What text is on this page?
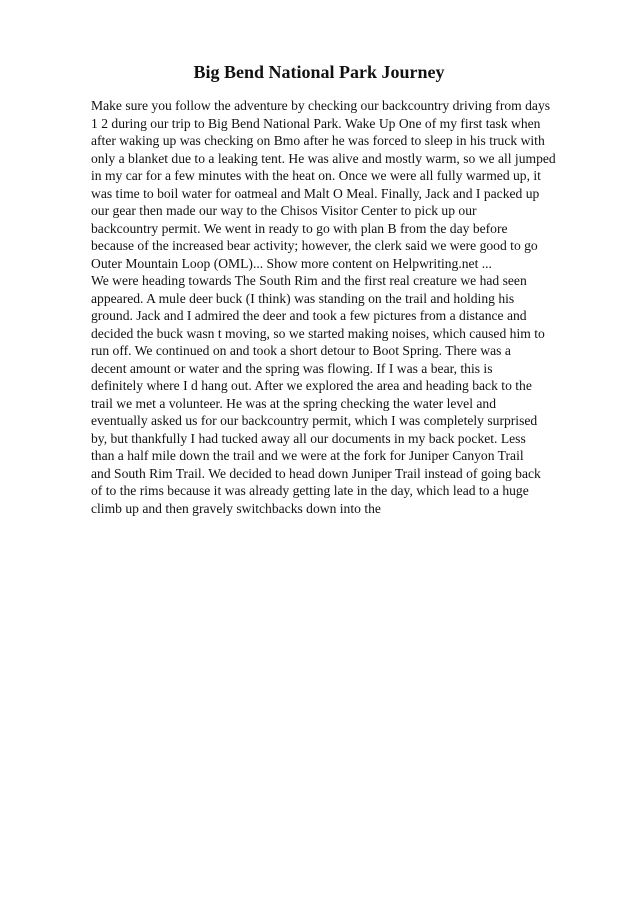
Big Bend National Park Journey
Make sure you follow the adventure by checking our backcountry driving from days
1 2 during our trip to Big Bend National Park. Wake Up One of my first task when
after waking up was checking on Bmo after he was forced to sleep in his truck with
only a blanket due to a leaking tent. He was alive and mostly warm, so we all jumped
in my car for a few minutes with the heat on. Once we were all fully warmed up, it
was time to boil water for oatmeal and Malt O Meal. Finally, Jack and I packed up
our gear then made our way to the Chisos Visitor Center to pick up our
backcountry permit. We went in ready to go with plan B from the day before
because of the increased bear activity; however, the clerk said we were good to go
Outer Mountain Loop (OML)... Show more content on Helpwriting.net ...
We were heading towards The South Rim and the first real creature we had seen
appeared. A mule deer buck (I think) was standing on the trail and holding his
ground. Jack and I admired the deer and took a few pictures from a distance and
decided the buck wasn t moving, so we started making noises, which caused him to
run off. We continued on and took a short detour to Boot Spring. There was a
decent amount or water and the spring was flowing. If I was a bear, this is
definitely where I d hang out. After we explored the area and heading back to the
trail we met a volunteer. He was at the spring checking the water level and
eventually asked us for our backcountry permit, which I was completely surprised
by, but thankfully I had tucked away all our documents in my back pocket. Less
than a half mile down the trail and we were at the fork for Juniper Canyon Trail
and South Rim Trail. We decided to head down Juniper Trail instead of going back
of to the rims because it was already getting late in the day, which lead to a huge
climb up and then gravely switchbacks down into the
